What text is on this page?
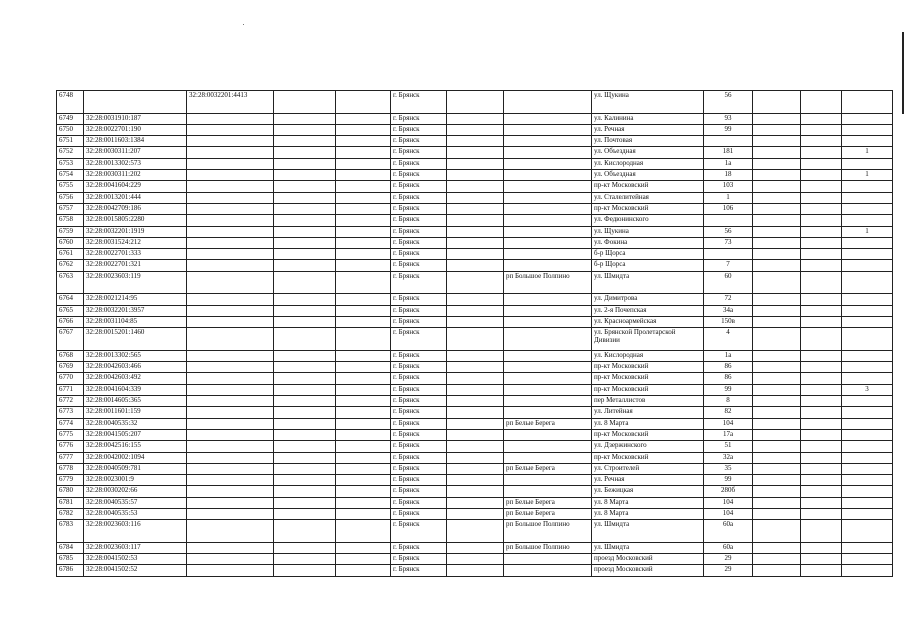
6748		32:28:0032201:4413			г. Брянск			ул. Щукина	56			
6749	32:28:0031910:187				г. Брянск			ул. Калинина	93			
6750	32:28:0022701:190				г. Брянск			ул. Речная	99			
6751	32:28:0011603:1384				г. Брянск			ул. Почтовая				
6752	32:28:0030311:207				г. Брянск			ул. Объездная	181			1
6753	32:28:0013302:573				г. Брянск			ул. Кислородная	1а			
6754	32:28:0030311:202				г. Брянск			ул. Объездная	18			1
6755	32:28:0041604:229				г. Брянск			пр-кт Московский	103			
6756	32:28:0013201:444				г. Брянск			ул. Сталелитейная	1			
6757	32:28:0042709:186				г. Брянск			пр-кт Московский	106			
6758	32:28:0015805:2280				г. Брянск			ул. Федюнинского				
6759	32:28:0032201:1919				г. Брянск			ул. Щукина	56			1
6760	32:28:0031524:212				г. Брянск			ул. Фокина	73			
6761	32:28:0022701:333				г. Брянск			б-р Щорса				
6762	32:28:0022701:321				г. Брянск			б-р Щорса	7			
6763	32:28:0023603:119				г. Брянск		рп Большое Полпино	ул. Шмидта	60			
6764	32:28:0021214:95				г. Брянск			ул. Димитрова	72			
6765	32:28:0032201:3957				г. Брянск			ул. 2-я Почепская	34а			
6766	32:28:0031104:85				г. Брянск			ул. Красноармейская	150в			
6767	32:28:0015201:1460				г. Брянск			ул. Брянской Пролетарской Дивизии	4			
6768	32:28:0013302:565				г. Брянск			ул. Кислородная	1а			
6769	32:28:0042603:466				г. Брянск			пр-кт Московский	86			
6770	32:28:0042603:492				г. Брянск			пр-кт Московский	86			
6771	32:28:0041604:339				г. Брянск			пр-кт Московский	99			3
6772	32:28:0014605:365				г. Брянск			пер Металлистов	8			
6773	32:28:0011601:159				г. Брянск			ул. Литейная	82			
6774	32:28:0040535:32				г. Брянск		рп Белые Берега	ул. 8 Марта	104			
6775	32:28:0041505:207				г. Брянск			пр-кт Московский	17а			
6776	32:28:0042516:155				г. Брянск			ул. Дзержинского	51			
6777	32:28:0042002:1094				г. Брянск			пр-кт Московский	32а			
6778	32:28:0040509:781				г. Брянск		рп Белые Берега	ул. Строителей	35			
6779	32:28:0023001:9				г. Брянск			ул. Речная	99			
6780	32:28:0030202:66				г. Брянск			ул. Бежицкая	280б			
6781	32:28:0040535:57				г. Брянск		рп Белые Берега	ул. 8 Марта	104			
6782	32:28:0040535:53				г. Брянск		рп Белые Берега	ул. 8 Марта	104			
6783	32:28:0023603:116				г. Брянск		рп Большое Полпино	ул. Шмидта	60а			
6784	32:28:0023603:117				г. Брянск		рп Большое Полпино	ул. Шмидта	60а			
6785	32:28:0041502:53				г. Брянск			проезд Московский	29			
6786	32:28:0041502:52				г. Брянск			проезд Московский	29			
